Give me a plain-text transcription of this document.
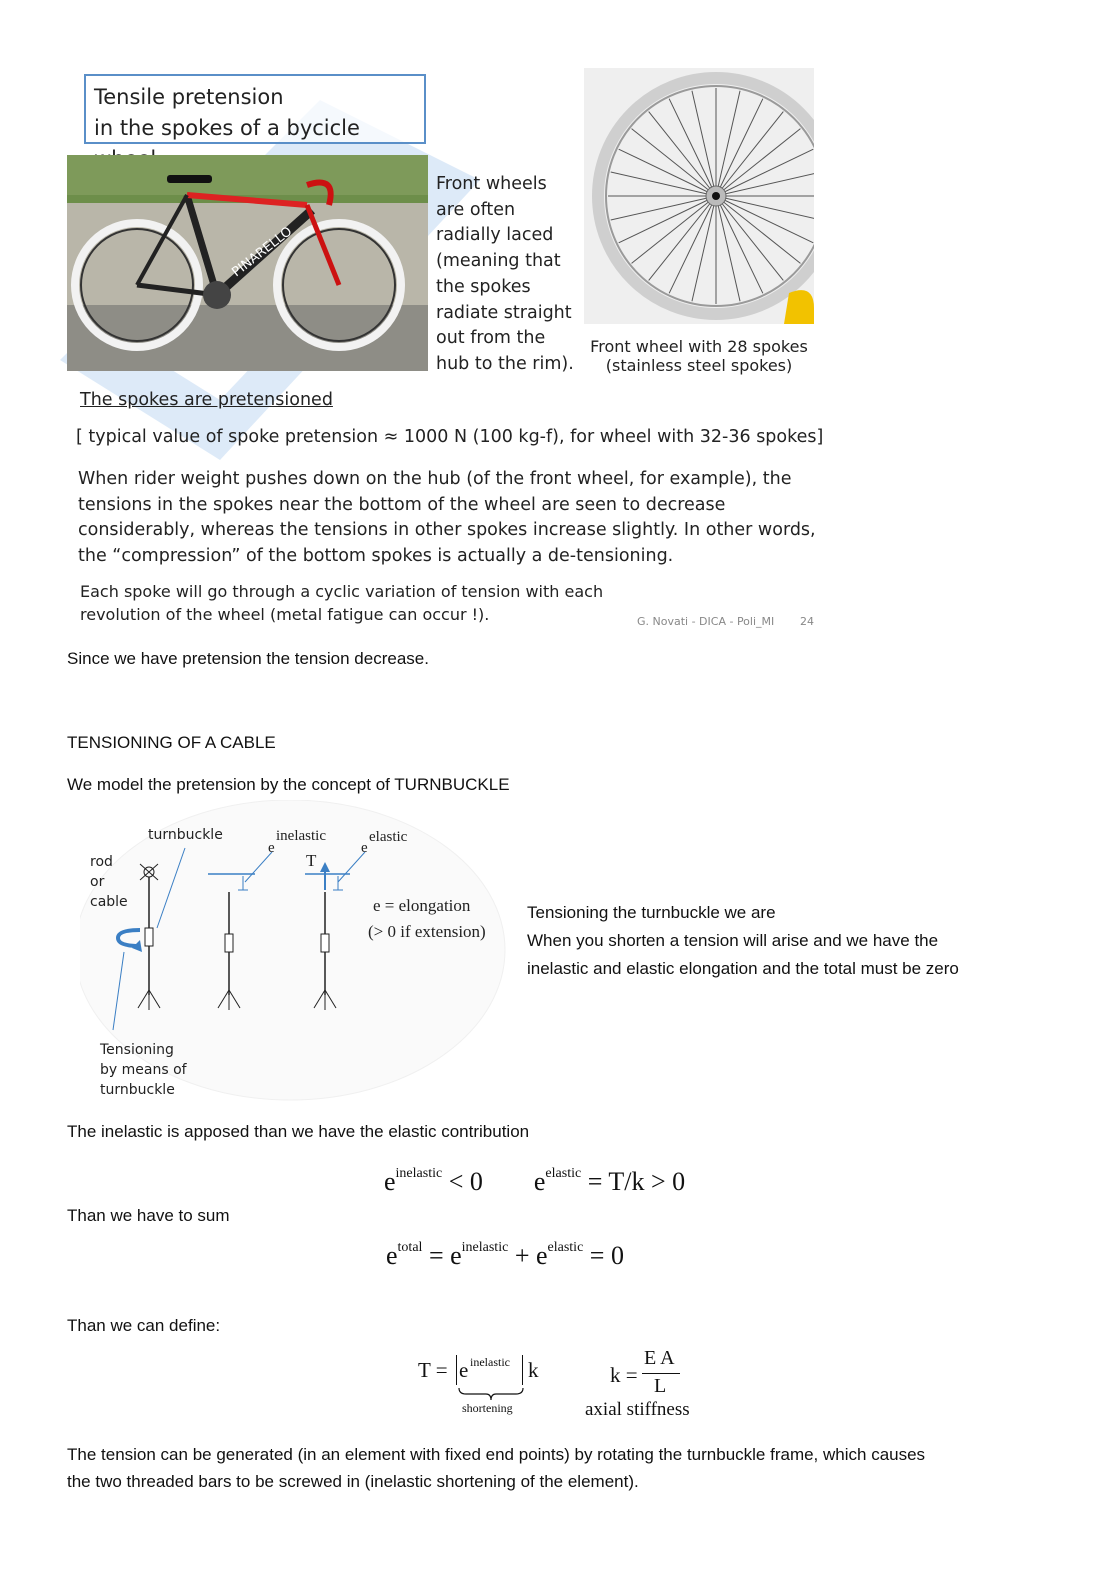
Tensile pretension
in the spokes of a bycicle
PINARELLO
Front wheels
are often
radially laced
(meaning that
the spokes
radiate straight
out from the
hub to the rim).
Front wheel with 28 spokes
(stainless steel spokes)
The spokes are pretensioned
[ typical value of spoke pretension ≈ 1000 N (100 kg-f), for wheel with 32-36 spokes]
When rider weight pushes down on the hub (of the front wheel, for example), the
tensions in the spokes near the bottom of the wheel are seen to decrease
considerably, whereas the tensions in other spokes increase slightly. In other words,
the “compression” of the bottom spokes is actually a de-tensioning.
Each spoke will go through a cyclic variation of tension with each
revolution of the wheel (metal fatigue can occur !).	G. Novati - DICA - Poli_MI 24
Since we have pretension the tension decrease.
TENSIONING OF A CABLE
We model the pretension by the concept of TURNBUCKLE
turnbuckle
rod
or
cable
e
inelastic
e
elastic
T
e = elongation
(> 0 if extension)
Tensioning
by means of
turnbuckle
Tensioning the turnbuckle we are
When you shorten a tension will arise and we have the
inelastic and elastic elongation and the total must be zero
The inelastic is apposed than we have the elastic contribution
$e^{inelastic} < 0$ $e^{elastic} = T/k > 0$
Than we have to sum
$e^{total} = e^{inelastic} + e^{elastic} = 0$
Than we can define:
T = e inelastic k
shortening
k =
E A
L
axial stiffness
The tension can be generated (in an element with fixed end points) by rotating the turnbuckle frame, which causes
the two threaded bars to be screwed in (inelastic shortening of the element).
